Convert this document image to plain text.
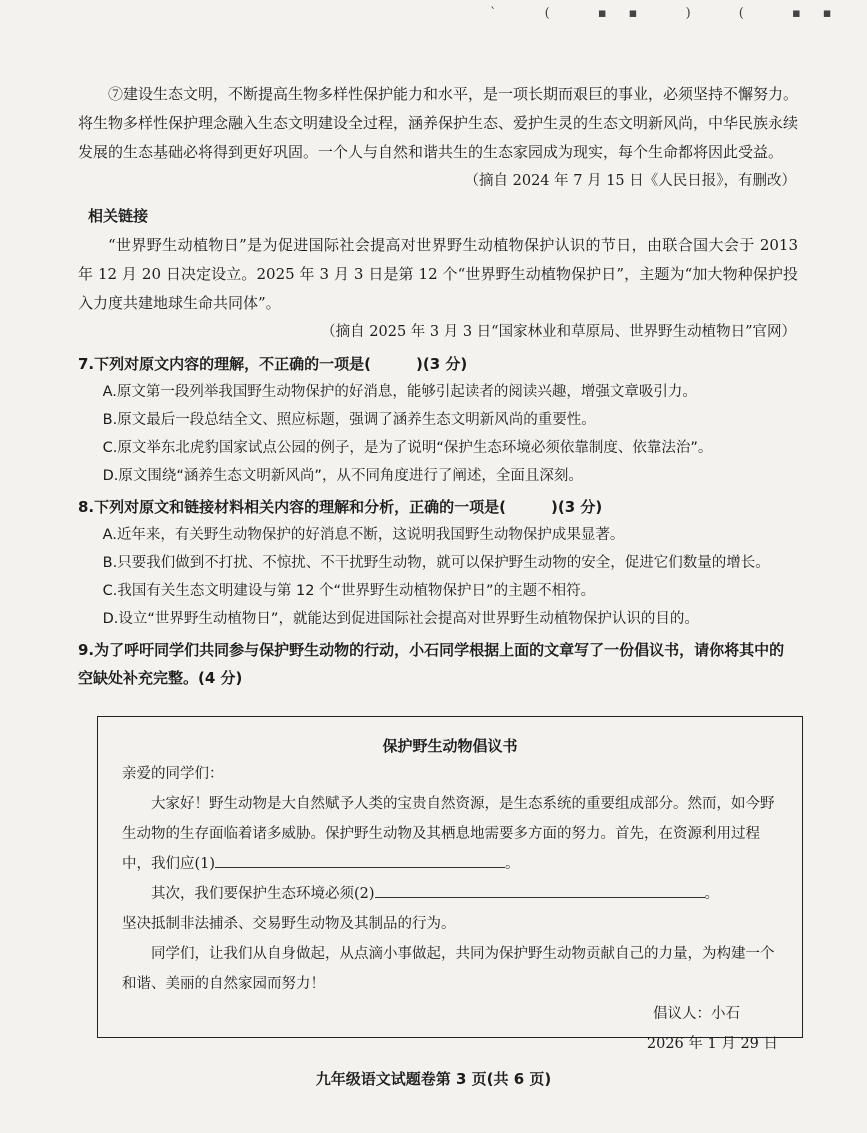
` ( ▪▪ ) ( ▪▪

⑦建设生态文明，不断提高生物多样性保护能力和水平，是一项长期而艰巨的事业，必须坚持不懈努力。将生物多样性保护理念融入生态文明建设全过程，涵养保护生态、爱护生灵的生态文明新风尚，中华民族永续发展的生态基础必将得到更好巩固。一个人与自然和谐共生的生态家园成为现实，每个生命都将因此受益。

（摘自 2024 年 7 月 15 日《人民日报》，有删改）

相关链接

“世界野生动植物日”是为促进国际社会提高对世界野生动植物保护认识的节日，由联合国大会于 2013 年 12 月 20 日决定设立。2025 年 3 月 3 日是第 12 个“世界野生动植物保护日”，主题为“加大物种保护投入力度共建地球生命共同体”。

（摘自 2025 年 3 月 3 日“国家林业和草原局、世界野生动植物日”官网）

7.下列对原文内容的理解，不正确的一项是(　　　)(3 分)

A.原文第一段列举我国野生动物保护的好消息，能够引起读者的阅读兴趣，增强文章吸引力。

B.原文最后一段总结全文、照应标题，强调了涵养生态文明新风尚的重要性。

C.原文举东北虎豹国家试点公园的例子，是为了说明“保护生态环境必须依靠制度、依靠法治”。

D.原文围绕“涵养生态文明新风尚”，从不同角度进行了阐述，全面且深刻。

8.下列对原文和链接材料相关内容的理解和分析，正确的一项是(　　　)(3 分)

A.近年来，有关野生动物保护的好消息不断，这说明我国野生动物保护成果显著。

B.只要我们做到不打扰、不惊扰、不干扰野生动物，就可以保护野生动物的安全，促进它们数量的增长。

C.我国有关生态文明建设与第 12 个“世界野生动植物保护日”的主题不相符。

D.设立“世界野生动植物日”，就能达到促进国际社会提高对世界野生动植物保护认识的目的。

9.为了呼吁同学们共同参与保护野生动物的行动，小石同学根据上面的文章写了一份倡议书，请你将其中的空缺处补充完整。(4 分)

保护野生动物倡议书

亲爱的同学们：

大家好！野生动物是大自然赋予人类的宝贵自然资源，是生态系统的重要组成部分。然而，如今野生动物的生存面临着诸多威胁。保护野生动物及其栖息地需要多方面的努力。首先，在资源利用过程中，我们应(1)	。

其次，我们要保护生态环境必须(2)	。

坚决抵制非法捕杀、交易野生动物及其制品的行为。

同学们，让我们从自身做起，从点滴小事做起，共同为保护野生动物贡献自己的力量，为构建一个和谐、美丽的自然家园而努力！

倡议人：小石

2026 年 1 月 29 日

九年级语文试题卷第 3 页(共 6 页)
